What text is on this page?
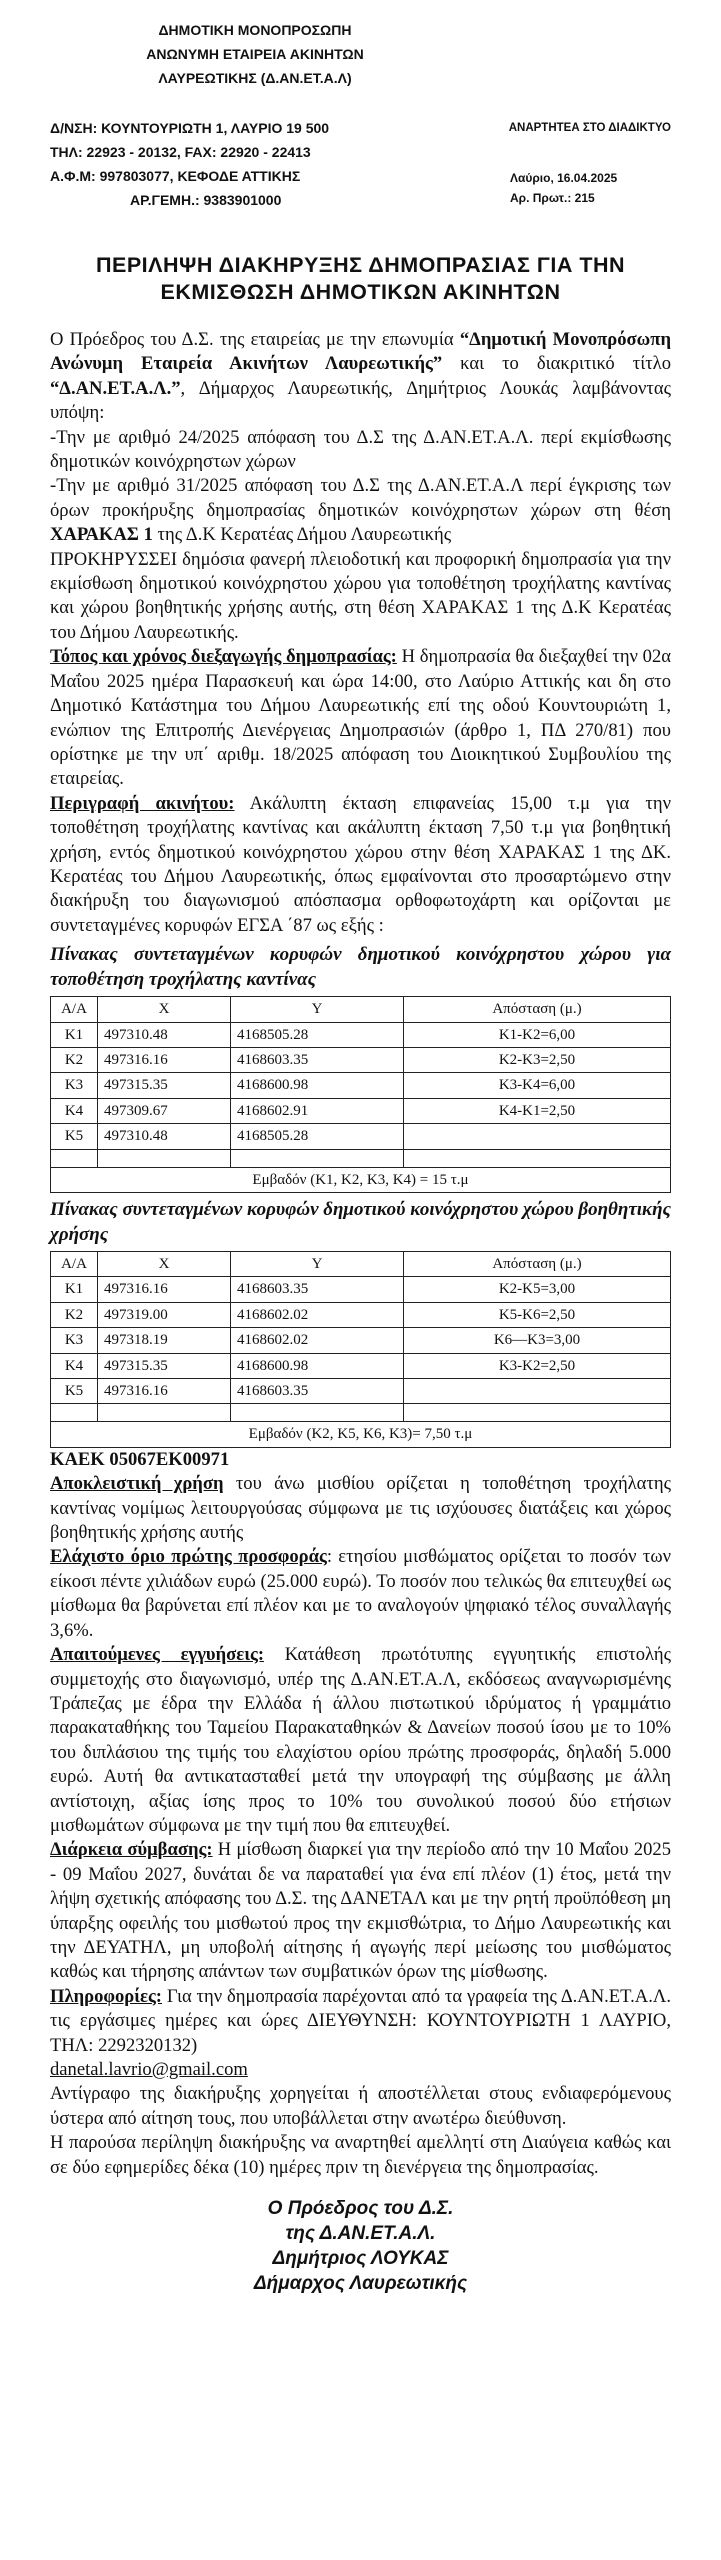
ΔΗΜΟΤΙΚΗ ΜΟΝΟΠΡΟΣΩΠΗ
ΑΝΩΝΥΜΗ ΕΤΑΙΡΕΙΑ ΑΚΙΝΗΤΩΝ
ΛΑΥΡΕΩΤΙΚΗΣ (Δ.ΑΝ.ΕΤ.Α.Λ)
Δ/ΝΣΗ: ΚΟΥΝΤΟΥΡΙΩΤΗ 1, ΛΑΥΡΙΟ 19 500
ΤΗΛ: 22923 - 20132, FAX: 22920 - 22413
Α.Φ.Μ: 997803077, ΚΕΦΟΔΕ ΑΤΤΙΚΗΣ
ΑΡ.ΓΕΜΗ.: 9383901000
ΑΝΑΡΤΗΤΕΑ ΣΤΟ ΔΙΑΔΙΚΤΥΟ
Λαύριο, 16.04.2025
Αρ. Πρωτ.: 215
ΠΕΡΙΛΗΨΗ ΔΙΑΚΗΡΥΞΗΣ ΔΗΜΟΠΡΑΣΙΑΣ ΓΙΑ ΤΗΝ
ΕΚΜΙΣΘΩΣΗ ΔΗΜΟΤΙΚΩΝ ΑΚΙΝΗΤΩΝ

Ο Πρόεδρος του Δ.Σ. της εταιρείας με την επωνυμία “Δημοτική Μονοπρόσωπη Ανώνυμη Εταιρεία Ακινήτων Λαυρεωτικής” και το διακριτικό τίτλο “Δ.ΑΝ.ΕΤ.Α.Λ.”, Δήμαρχος Λαυρεωτικής, Δημήτριος Λουκάς λαμβάνοντας υπόψη:

-Την με αριθμό 24/2025 απόφαση του Δ.Σ της Δ.ΑΝ.ΕΤ.Α.Λ. περί εκμίσθωσης δημοτικών κοινόχρηστων χώρων

-Την με αριθμό 31/2025 απόφαση του Δ.Σ της Δ.ΑΝ.ΕΤ.Α.Λ περί έγκρισης των όρων προκήρυξης δημοπρασίας δημοτικών κοινόχρηστων χώρων στη θέση ΧΑΡΑΚΑΣ 1 της Δ.Κ Κερατέας Δήμου Λαυρεωτικής

ΠΡΟΚΗΡΥΣΣΕΙ δημόσια φανερή πλειοδοτική και προφορική δημοπρασία για την εκμίσθωση δημοτικού κοινόχρηστου χώρου για τοποθέτηση τροχήλατης καντίνας και χώρου βοηθητικής χρήσης αυτής, στη θέση ΧΑΡΑΚΑΣ 1 της Δ.Κ Κερατέας του Δήμου Λαυρεωτικής.

Τόπος και χρόνος διεξαγωγής δημοπρασίας: Η δημοπρασία θα διεξαχθεί την 02α Μαΐου 2025 ημέρα Παρασκευή και ώρα 14:00, στο Λαύριο Αττικής και δη στο Δημοτικό Κατάστημα του Δήμου Λαυρεωτικής επί της οδού Κουντουριώτη 1, ενώπιον της Επιτροπής Διενέργειας Δημοπρασιών (άρθρο 1, ΠΔ 270/81) που ορίστηκε με την υπ΄ αριθμ. 18/2025 απόφαση του Διοικητικού Συμβουλίου της εταιρείας.

Περιγραφή ακινήτου: Ακάλυπτη έκταση επιφανείας 15,00 τ.μ για την τοποθέτηση τροχήλατης καντίνας και ακάλυπτη έκταση 7,50 τ.μ για βοηθητική χρήση, εντός δημοτικού κοινόχρηστου χώρου στην θέση ΧΑΡΑΚΑΣ 1 της ΔΚ. Κερατέας του Δήμου Λαυρεωτικής, όπως εμφαίνονται στο προσαρτώμενο στην διακήρυξη του διαγωνισμού απόσπασμα ορθοφωτοχάρτη και ορίζονται με συντεταγμένες κορυφών ΕΓΣΑ ΄87 ως εξής :

Πίνακας συντεταγμένων κορυφών δημοτικού κοινόχρηστου χώρου για τοποθέτηση τροχήλατης καντίνας
Α/Α	X	Y	Απόσταση (μ.)
K1	497310.48	4168505.28	K1-K2=6,00
K2	497316.16	4168603.35	K2-K3=2,50
K3	497315.35	4168600.98	K3-K4=6,00
K4	497309.67	4168602.91	K4-K1=2,50
K5	497310.48	4168505.28	

Εμβαδόν (K1, K2, K3, K4) = 15 τ.μ			
Πίνακας συντεταγμένων κορυφών δημοτικού κοινόχρηστου χώρου βοηθητικής χρήσης
Α/Α	X	Y	Απόσταση (μ.)
K1	497316.16	4168603.35	K2-K5=3,00
K2	497319.00	4168602.02	K5-K6=2,50
K3	497318.19	4168602.02	K6—K3=3,00
K4	497315.35	4168600.98	K3-K2=2,50
K5	497316.16	4168603.35	

Εμβαδόν (K2, K5, K6, K3)= 7,50 τ.μ			

ΚΑΕΚ 05067ΕΚ00971

Αποκλειστική χρήση του άνω μισθίου ορίζεται η τοποθέτηση τροχήλατης καντίνας νομίμως λειτουργούσας σύμφωνα με τις ισχύουσες διατάξεις και χώρος βοηθητικής χρήσης αυτής

Ελάχιστο όριο πρώτης προσφοράς: ετησίου μισθώματος ορίζεται το ποσόν των είκοσι πέντε χιλιάδων ευρώ (25.000 ευρώ). Το ποσόν που τελικώς θα επιτευχθεί ως μίσθωμα θα βαρύνεται επί πλέον και με το αναλογούν ψηφιακό τέλος συναλλαγής 3,6%.

Απαιτούμενες εγγυήσεις: Κατάθεση πρωτότυπης εγγυητικής επιστολής συμμετοχής στο διαγωνισμό, υπέρ της Δ.ΑΝ.ΕΤ.Α.Λ, εκδόσεως αναγνωρισμένης Τράπεζας με έδρα την Ελλάδα ή άλλου πιστωτικού ιδρύματος ή γραμμάτιο παρακαταθήκης του Ταμείου Παρακαταθηκών & Δανείων ποσού ίσου με το 10% του διπλάσιου της τιμής του ελαχίστου ορίου πρώτης προσφοράς, δηλαδή 5.000 ευρώ. Αυτή θα αντικατασταθεί μετά την υπογραφή της σύμβασης με άλλη αντίστοιχη, αξίας ίσης προς το 10% του συνολικού ποσού δύο ετήσιων μισθωμάτων σύμφωνα με την τιμή που θα επιτευχθεί.

Διάρκεια σύμβασης: Η μίσθωση διαρκεί για την περίοδο από την 10 Μαΐου 2025 - 09 Μαΐου 2027, δυνάται δε να παραταθεί για ένα επί πλέον (1) έτος, μετά την λήψη σχετικής απόφασης του Δ.Σ. της ΔΑΝΕΤΑΛ και με την ρητή προϋπόθεση μη ύπαρξης οφειλής του μισθωτού προς την εκμισθώτρια, το Δήμο Λαυρεωτικής και την ΔΕΥΑΤΗΛ, μη υποβολή αίτησης ή αγωγής περί μείωσης του μισθώματος καθώς και τήρησης απάντων των συμβατικών όρων της μίσθωσης.

Πληροφορίες: Για την δημοπρασία παρέχονται από τα γραφεία της Δ.ΑΝ.ΕΤ.Α.Λ. τις εργάσιμες ημέρες και ώρες ΔΙΕΥΘΥΝΣΗ: ΚΟΥΝΤΟΥΡΙΩΤΗ 1 ΛΑΥΡΙΟ, ΤΗΛ: 2292320132)

danetal.lavrio@gmail.com

Αντίγραφο της διακήρυξης χορηγείται ή αποστέλλεται στους ενδιαφερόμενους ύστερα από αίτηση τους, που υποβάλλεται στην ανωτέρω διεύθυνση.

Η παρούσα περίληψη διακήρυξης να αναρτηθεί αμελλητί στη Διαύγεια καθώς και σε δύο εφημερίδες δέκα (10) ημέρες πριν τη διενέργεια της δημοπρασίας.

Ο Πρόεδρος του Δ.Σ.
της Δ.ΑΝ.ΕΤ.Α.Λ.
Δημήτριος ΛΟΥΚΑΣ
Δήμαρχος Λαυρεωτικής
